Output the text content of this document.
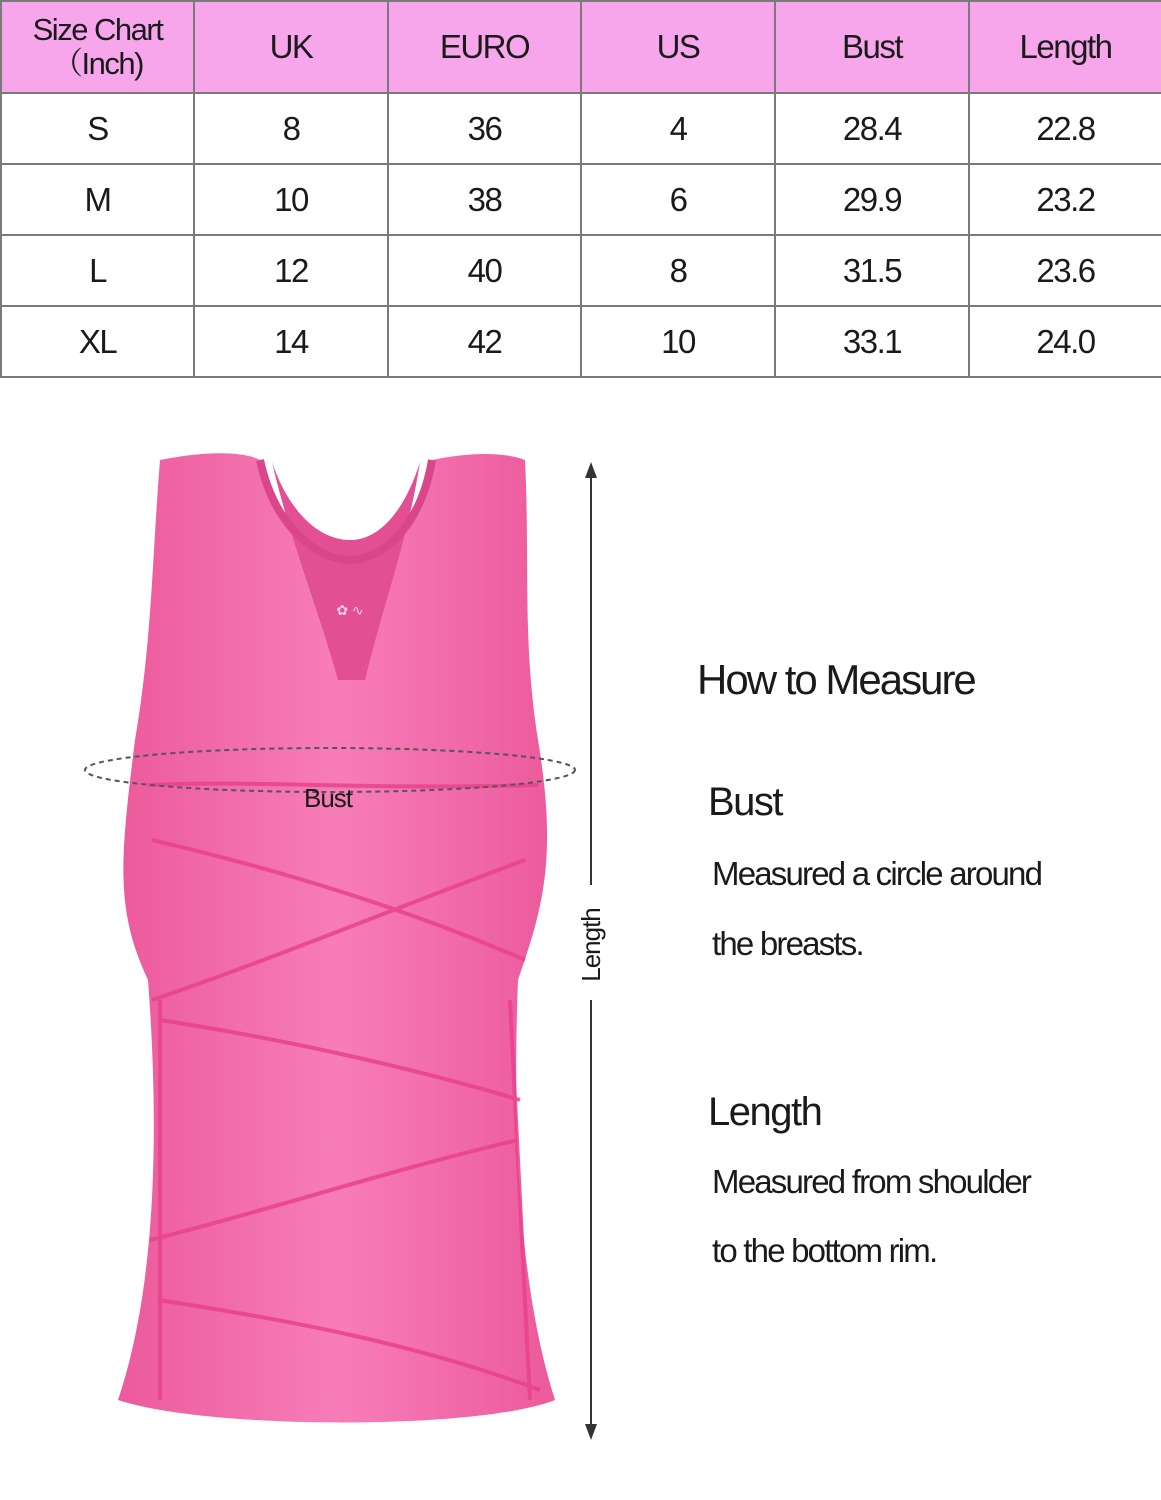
Size Chart
（Inch)	UK	EURO	US	Bust	Length
S	8	36	4	28.4	22.8
M	10	38	6	29.9	23.2
L	12	40	8	31.5	23.6
XL	14	42	10	33.1	24.0
✿ ∿
Bust
Length
How to Measure
Bust

Measured a circle around

the breasts.

Length

Measured from shoulder

to the bottom rim.
